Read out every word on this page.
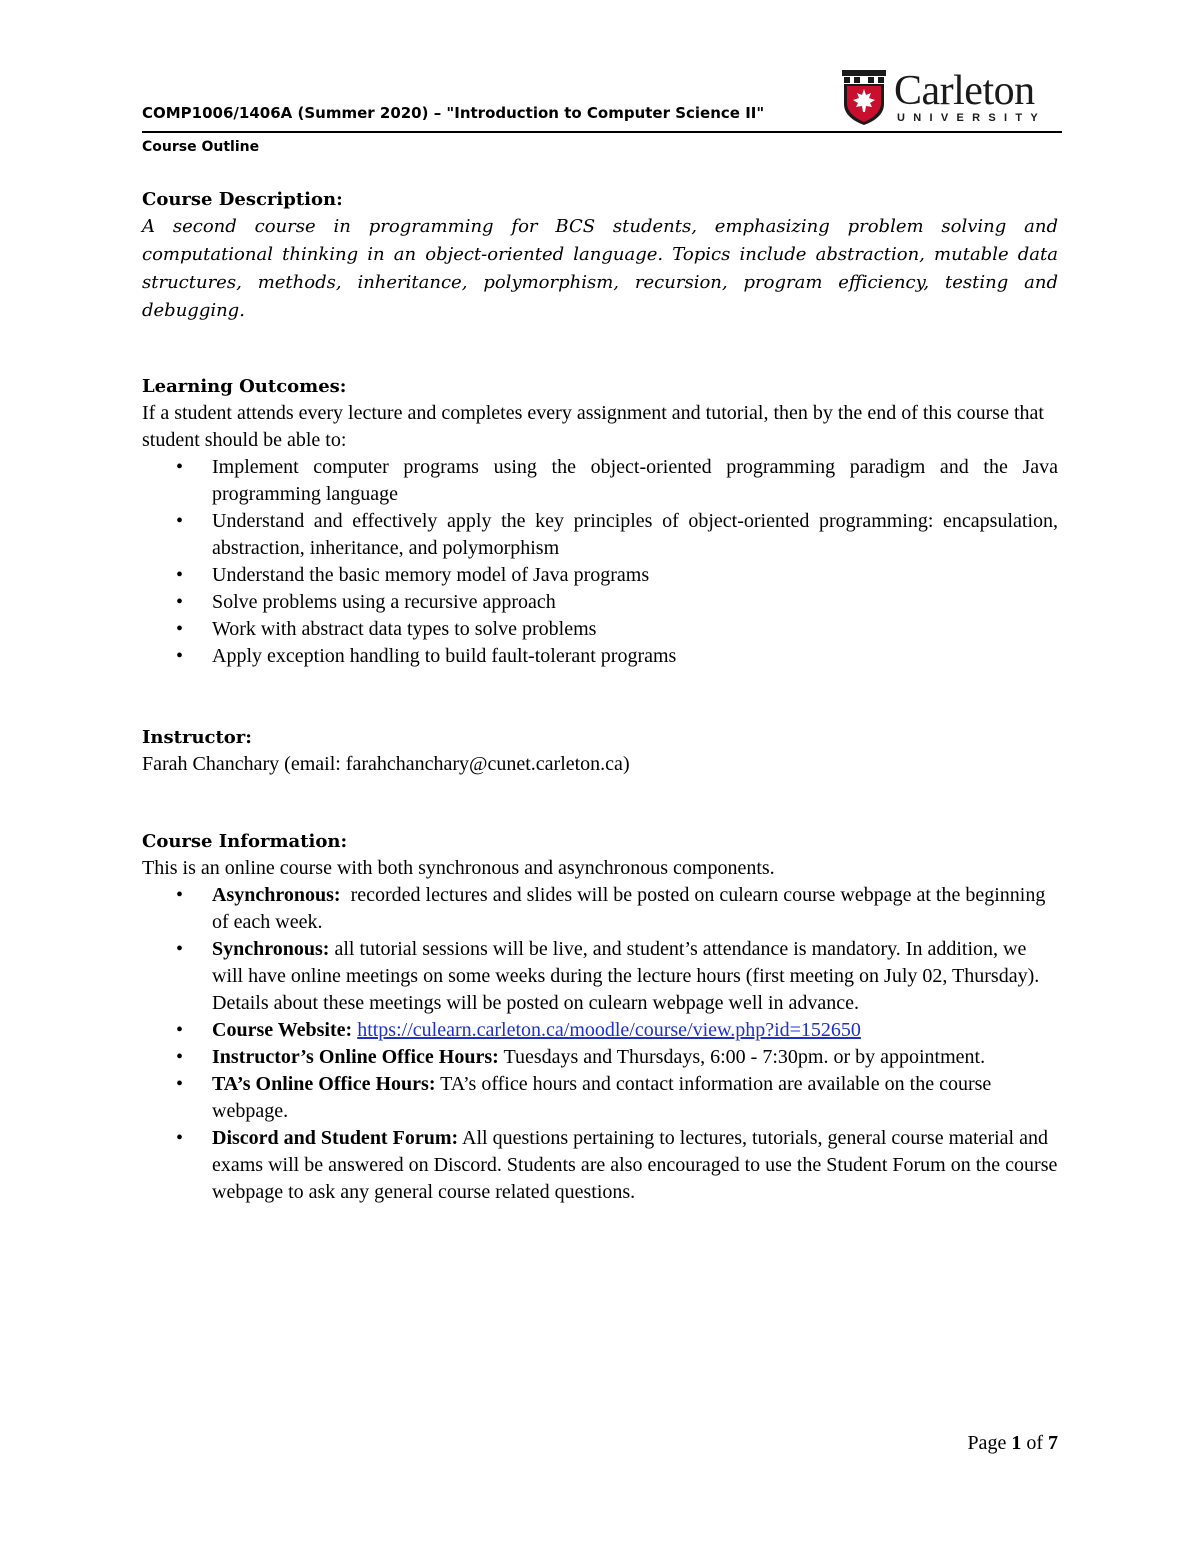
COMP1006/1406A (Summer 2020) – "Introduction to Computer Science II"
Course Outline
Carleton
UNIVERSITY
Course Description:

A second course in programming for BCS students, emphasizing problem solving and computational thinking in an object-oriented language. Topics include abstraction, mutable data structures, methods, inheritance, polymorphism, recursion, program efficiency, testing and debugging.

Learning Outcomes:

If a student attends every lecture and completes every assignment and tutorial, then by the end of this course that student should be able to:

• Implement computer programs using the object-oriented programming paradigm and the Java programming language
• Understand and effectively apply the key principles of object-oriented programming: encapsulation, abstraction, inheritance, and polymorphism
• Understand the basic memory model of Java programs
• Solve problems using a recursive approach
• Work with abstract data types to solve problems
• Apply exception handling to build fault-tolerant programs
Instructor:

Farah Chanchary (email: farahchanchary@cunet.carleton.ca)

Course Information:

This is an online course with both synchronous and asynchronous components.

• Asynchronous:  recorded lectures and slides will be posted on culearn course webpage at the beginning of each week.
• Synchronous: all tutorial sessions will be live, and student’s attendance is mandatory. In addition, we will have online meetings on some weeks during the lecture hours (first meeting on July 02, Thursday). Details about these meetings will be posted on culearn webpage well in advance.
• Course Website: https://culearn.carleton.ca/moodle/course/view.php?id=152650
• Instructor’s Online Office Hours: Tuesdays and Thursdays, 6:00 - 7:30pm. or by appointment.
• TA’s Online Office Hours: TA’s office hours and contact information are available on the course webpage.
• Discord and Student Forum: All questions pertaining to lectures, tutorials, general course material and exams will be answered on Discord. Students are also encouraged to use the Student Forum on the course webpage to ask any general course related questions.
Page 1 of 7
